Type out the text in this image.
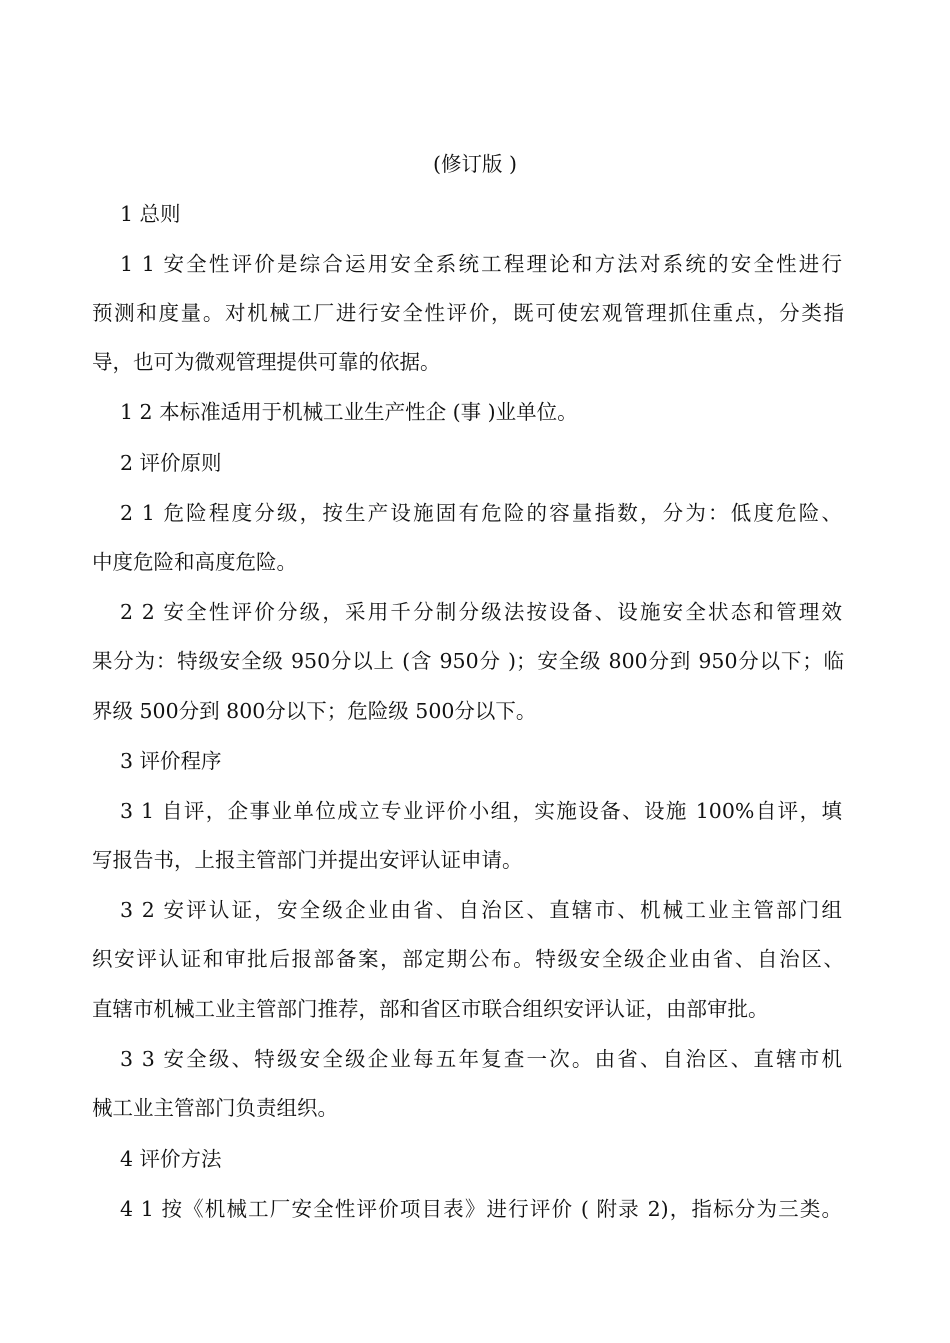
(修订版 )
1 总则
1 1 安全性评价是综合运用安全系统工程理论和方法对系统的安全性进行
预测和度量。对机械工厂进行安全性评价，既可使宏观管理抓住重点，分类指
导，也可为微观管理提供可靠的依据。
1 2 本标准适用于机械工业生产性企 (事 )业单位。
2 评价原则
2 1 危险程度分级，按生产设施固有危险的容量指数，分为：低度危险、
中度危险和高度危险。
2 2 安全性评价分级，采用千分制分级法按设备、设施安全状态和管理效
果分为：特级安全级 950分以上 (含 950分 )；安全级 800分到 950分以下；临
界级 500分到 800分以下；危险级 500分以下。
3 评价程序
3 1 自评，企事业单位成立专业评价小组，实施设备、设施 100%自评，填
写报告书，上报主管部门并提出安评认证申请。
3 2 安评认证，安全级企业由省、自治区、直辖市、机械工业主管部门组
织安评认证和审批后报部备案，部定期公布。特级安全级企业由省、自治区、
直辖市机械工业主管部门推荐，部和省区市联合组织安评认证，由部审批。
3 3 安全级、特级安全级企业每五年复查一次。由省、自治区、直辖市机
械工业主管部门负责组织。
4 评价方法
4 1 按《机械工厂安全性评价项目表》进行评价 ( 附录 2)，指标分为三类。
